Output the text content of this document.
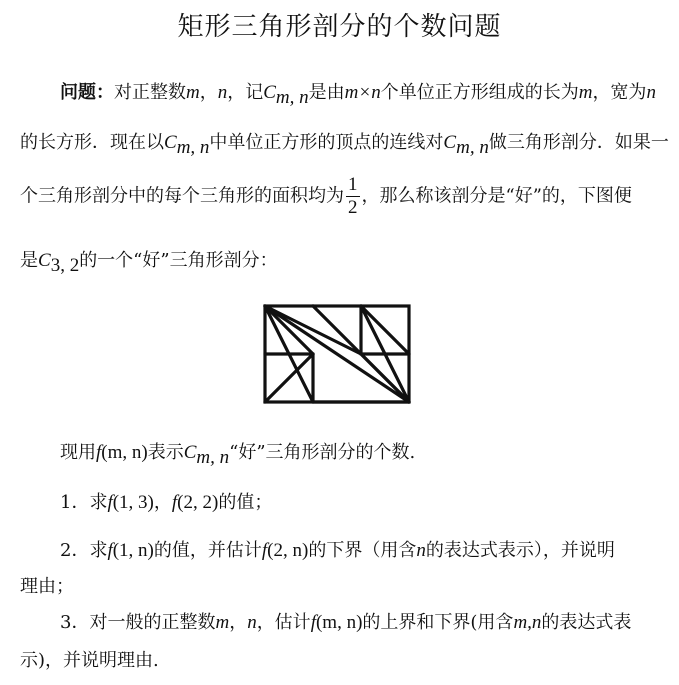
矩形三角形剖分的个数问题
问题：对正整数m，n，记$C_{m, n}$是由m×n个单位正方形组成的长为m，宽为n
的长方形．现在以$C_{m, n}$中单位正方形的顶点的连线对$C_{m, n}$做三角形剖分．如果一
个三角形剖分中的每个三角形的面积均为 $\frac{1}{2}$ ，那么称该剖分是“好”的，下图便
是$C_{3, 2}$的一个“好”三角形剖分：
现用f(m, n)表示$C_{m, n}“$好”三角形剖分的个数.
1．求f(1, 3)，f(2, 2)的值；
2．求f(1, n)的值，并估计f(2, n)的下界（用含n的表达式表示），并说明
理由；
3．对一般的正整数m，n，估计f(m, n)的上界和下界(用含m,n的表达式表
示)，并说明理由.
